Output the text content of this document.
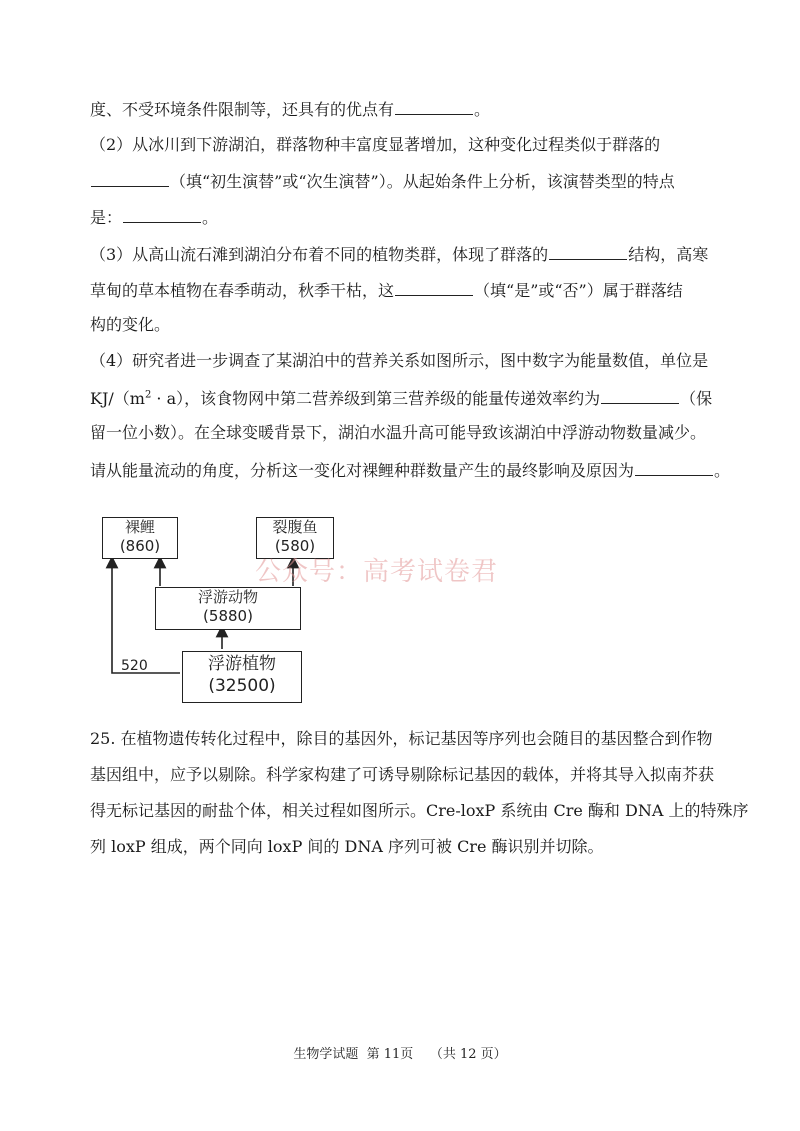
度、不受环境条件限制等，还具有的优点有	。
（2）从冰川到下游湖泊，群落物种丰富度显著增加，这种变化过程类似于群落的
（填“初生演替”或“次生演替”）。从起始条件上分析，该演替类型的特点
是：	。
（3）从高山流石滩到湖泊分布着不同的植物类群，体现了群落的	结构，高寒
草甸的草本植物在春季萌动，秋季干枯，这	（填“是”或“否”）属于群落结
构的变化。
（4）研究者进一步调查了某湖泊中的营养关系如图所示，图中数字为能量数值，单位是
$KJ/(m^2 \cdot a)$，该食物网中第二营养级到第三营养级的能量传递效率约为	（保
留一位小数）。在全球变暖背景下，湖泊水温升高可能导致该湖泊中浮游动物数量减少。
请从能量流动的角度，分析这一变化对裸鲤种群数量产生的最终影响及原因为	。
裸鲤
(860)
裂腹鱼
(580)
浮游动物
(5880)
浮游植物
(32500)
520
公众号：高考试卷君
25. 在植物遗传转化过程中，除目的基因外，标记基因等序列也会随目的基因整合到作物
基因组中，应予以剔除。科学家构建了可诱导剔除标记基因的载体，并将其导入拟南芥获
得无标记基因的耐盐个体，相关过程如图所示。Cre-loxP 系统由 Cre 酶和 DNA 上的特殊序
列 loxP 组成，两个同向 loxP 间的 DNA 序列可被 Cre 酶识别并切除。
生物学试题 第 11页 （共 12 页）
